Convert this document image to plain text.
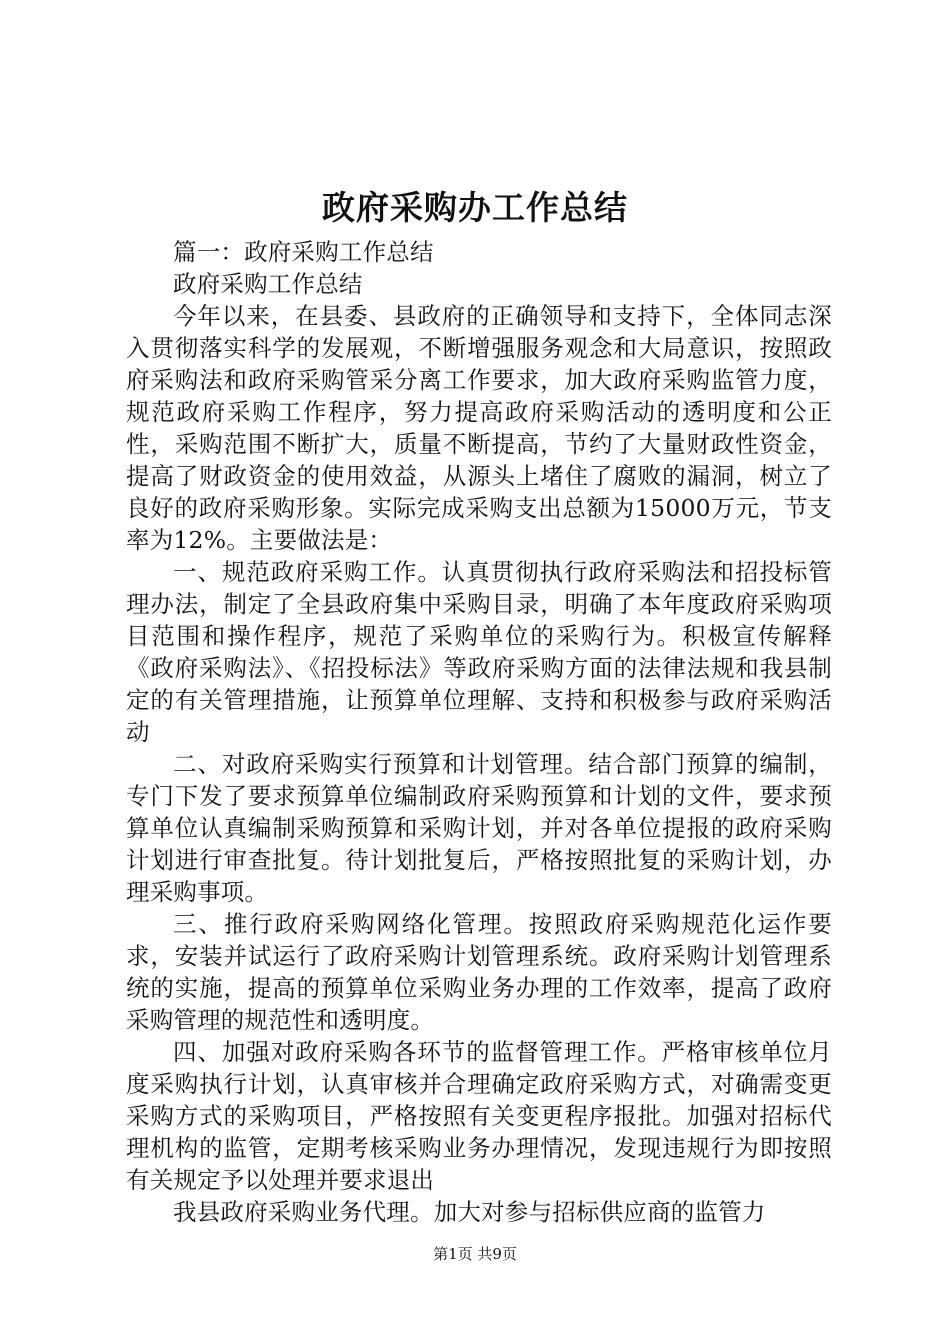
政府采购办工作总结

篇一：政府采购工作总结

政府采购工作总结

今年以来，在县委、县政府的正确领导和支持下，全体同志深入贯彻落实科学的发展观，不断增强服务观念和大局意识，按照政府采购法和政府采购管采分离工作要求，加大政府采购监管力度，规范政府采购工作程序，努力提高政府采购活动的透明度和公正性，采购范围不断扩大，质量不断提高，节约了大量财政性资金，提高了财政资金的使用效益，从源头上堵住了腐败的漏洞，树立了良好的政府采购形象。实际完成采购支出总额为15000万元，节支率为12%。主要做法是：

一、规范政府采购工作。认真贯彻执行政府采购法和招投标管理办法，制定了全县政府集中采购目录，明确了本年度政府采购项目范围和操作程序，规范了采购单位的采购行为。积极宣传解释《政府采购法》、《招投标法》等政府采购方面的法律法规和我县制定的有关管理措施，让预算单位理解、支持和积极参与政府采购活动

二、对政府采购实行预算和计划管理。结合部门预算的编制，专门下发了要求预算单位编制政府采购预算和计划的文件，要求预算单位认真编制采购预算和采购计划，并对各单位提报的政府采购计划进行审查批复。待计划批复后，严格按照批复的采购计划，办理采购事项。

三、推行政府采购网络化管理。按照政府采购规范化运作要求，安装并试运行了政府采购计划管理系统。政府采购计划管理系统的实施，提高的预算单位采购业务办理的工作效率，提高了政府采购管理的规范性和透明度。

四、加强对政府采购各环节的监督管理工作。严格审核单位月度采购执行计划，认真审核并合理确定政府采购方式，对确需变更采购方式的采购项目，严格按照有关变更程序报批。加强对招标代理机构的监管，定期考核采购业务办理情况，发现违规行为即按照有关规定予以处理并要求退出

我县政府采购业务代理。加大对参与招标供应商的监管力

第1页 共9页
